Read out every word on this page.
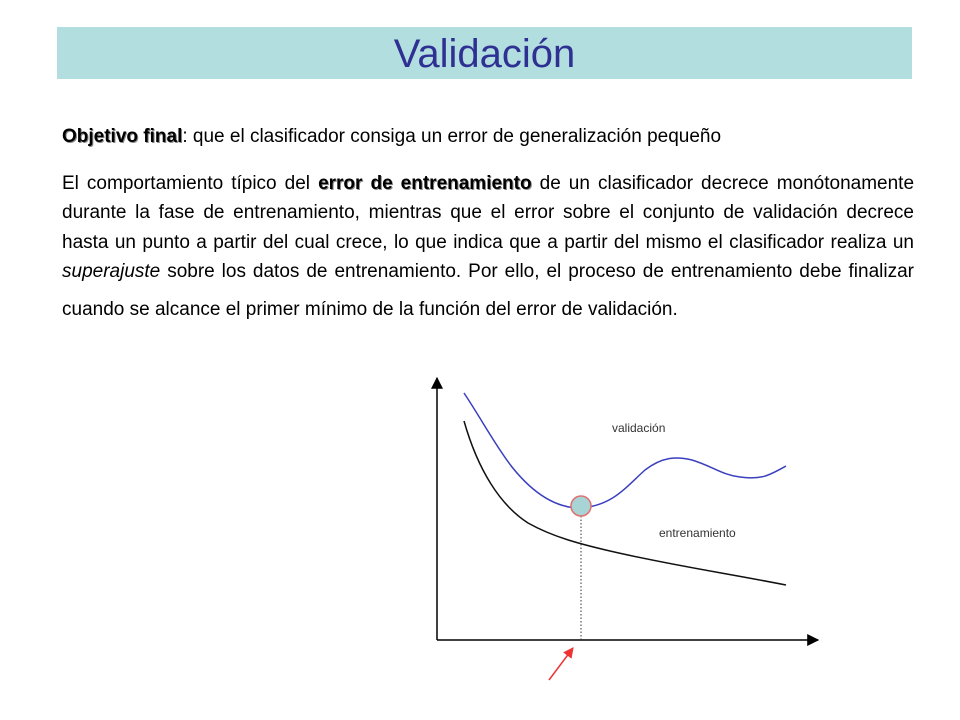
Validación
Objetivo final: que el clasificador consiga un error de generalización pequeño
El comportamiento típico del error de entrenamiento de un clasificador decrece monótonamente durante la fase de entrenamiento, mientras que el error sobre el conjunto de validación decrece hasta un punto a partir del cual crece, lo que indica que a partir del mismo el clasificador realiza un superajuste sobre los datos de entrenamiento. Por ello, el proceso de entrenamiento debe finalizar cuando se alcance el primer mínimo de la función del error de validación.
validación
entrenamiento
